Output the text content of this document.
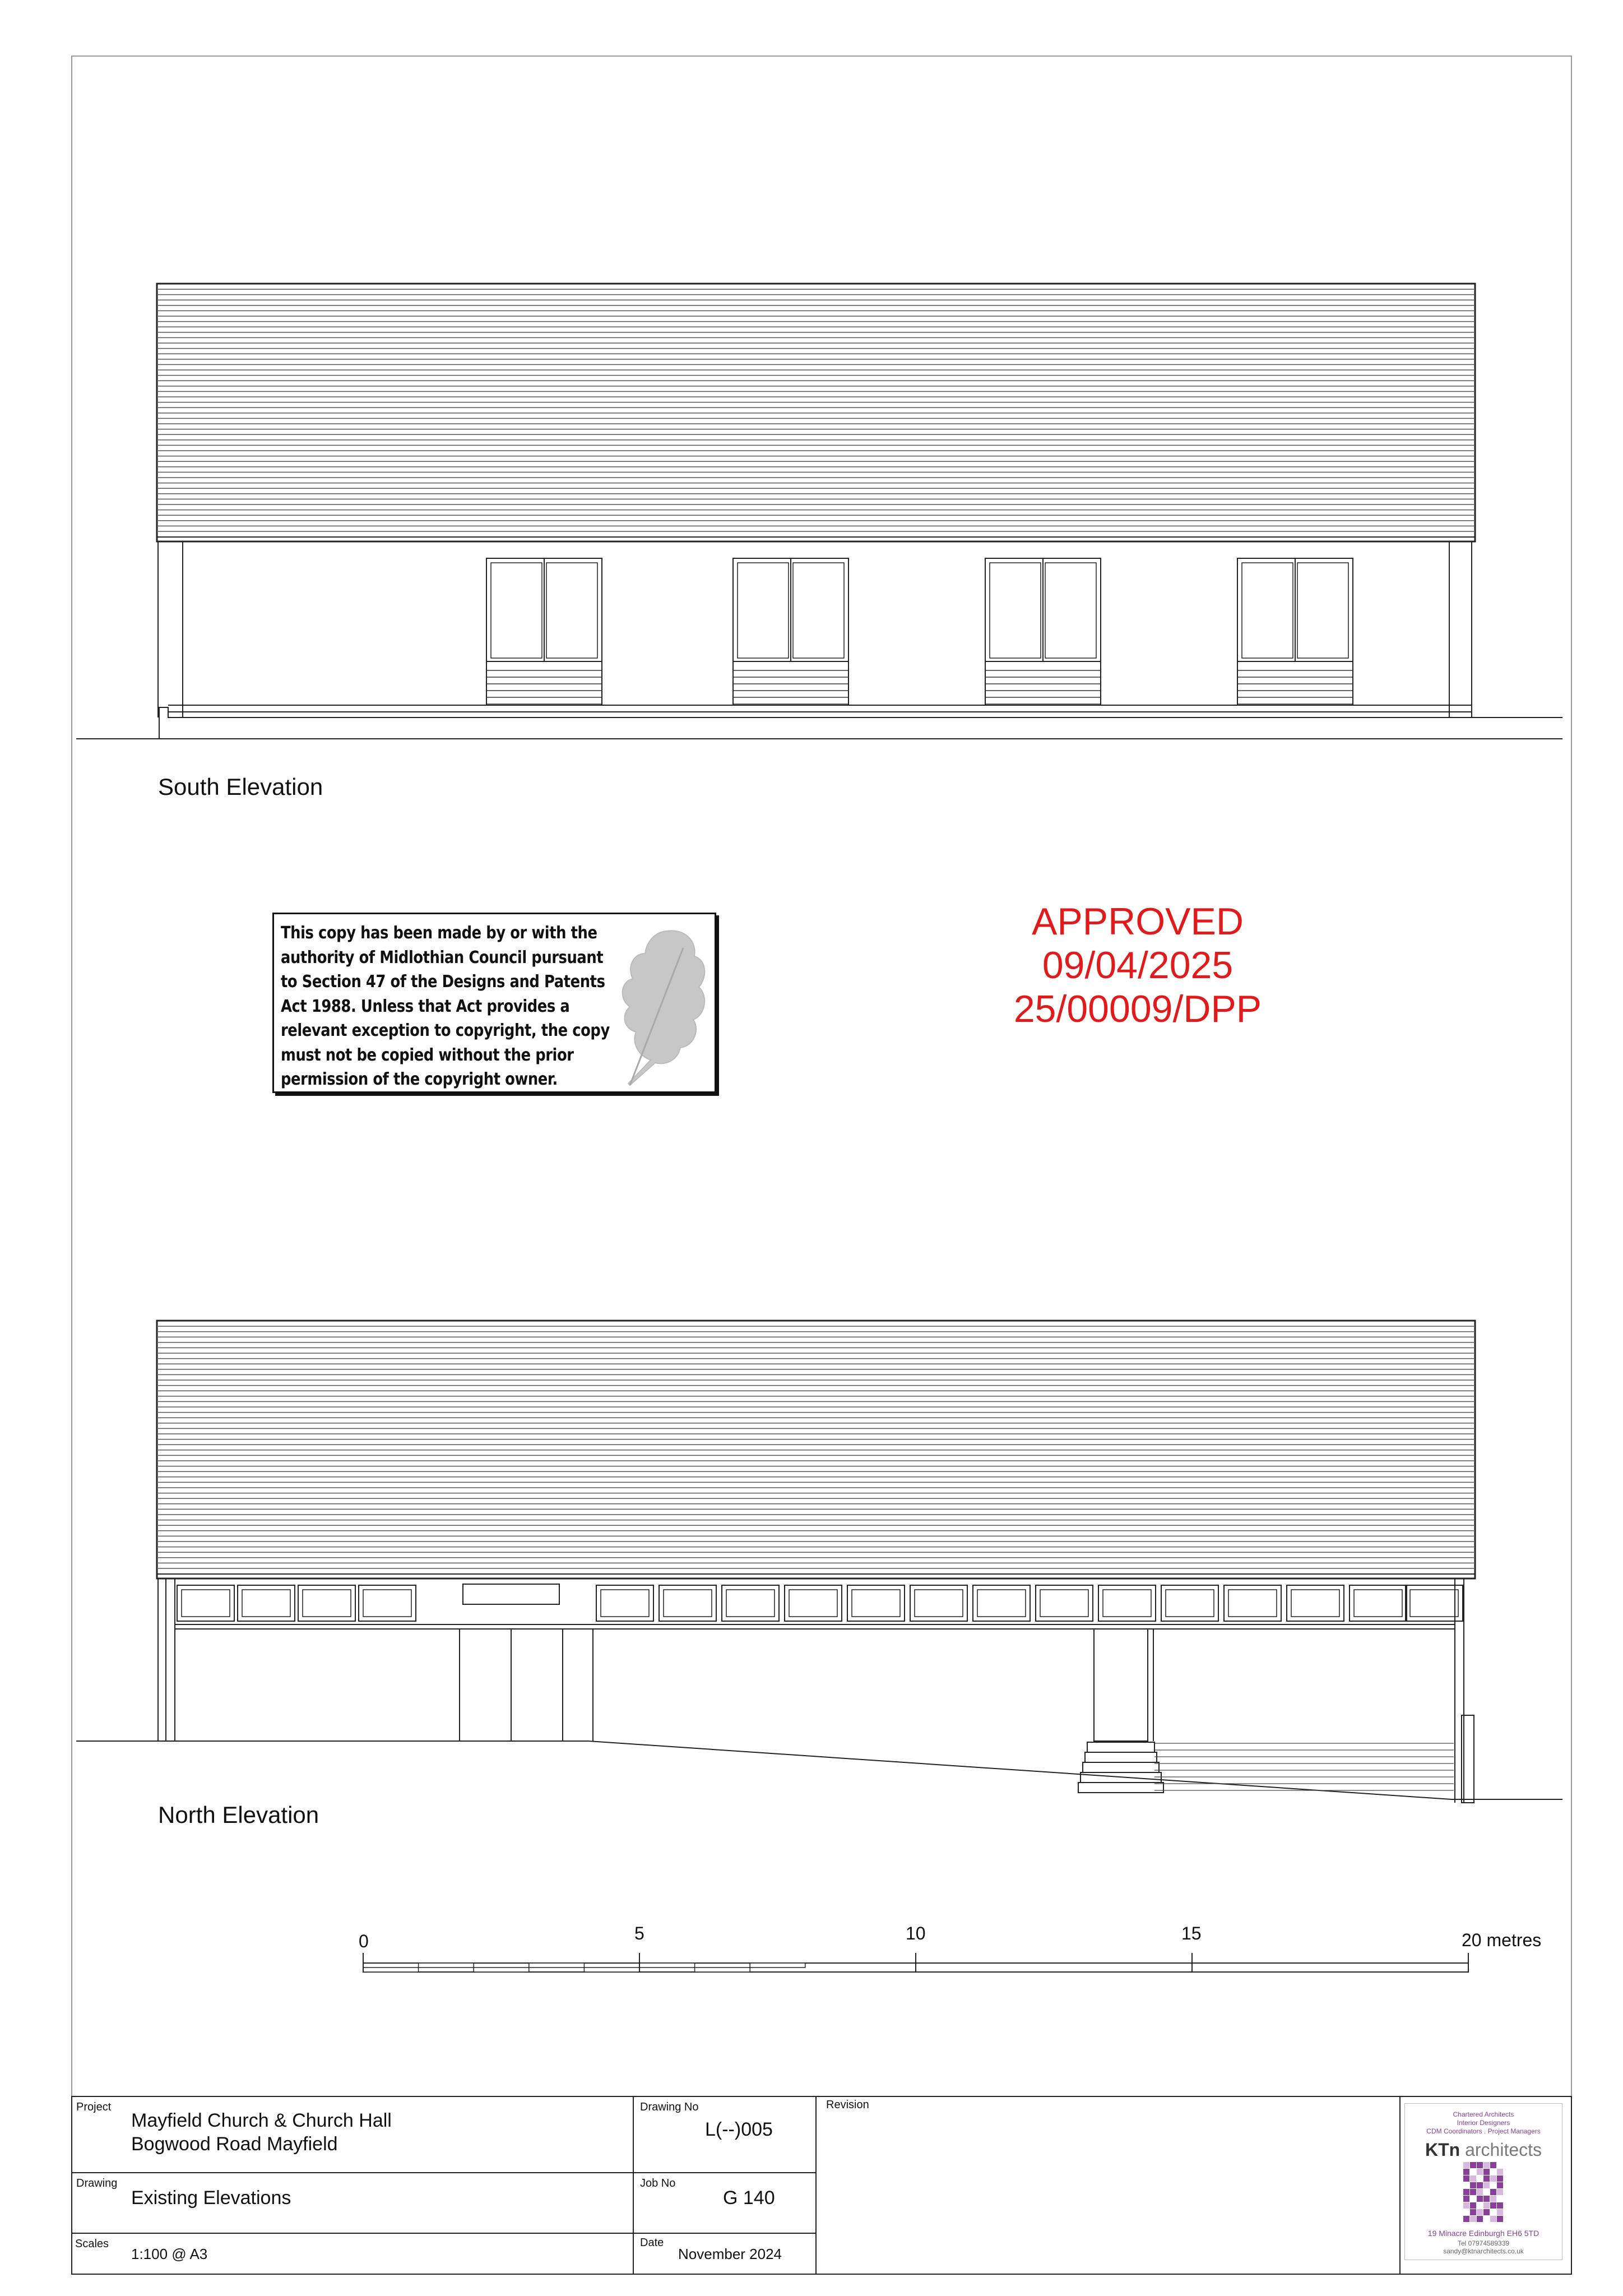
South Elevation
North Elevation
0	5	10	15	20 metres
This copy has been made by or with the
authority of Midlothian Council pursuant
to Section 47 of the Designs and Patents
Act 1988. Unless that Act provides a
relevant exception to copyright, the copy
must not be copied without the prior
permission of the copyright owner.
APPROVED
09/04/2025
25/00009/DPP
Project
Mayfield Church & Church Hall
Bogwood Road Mayfield
Drawing No
L(--)005
Revision
Drawing
Existing Elevations
Job No
G 140
Scales
1:100 @ A3
Date
November 2024
Chartered Architects
Interior Designers
CDM Coordinators . Project Managers
KTn architects
19 Minacre Edinburgh EH6 5TD
Tel 07974589339
sandy@ktnarchitects.co.uk
